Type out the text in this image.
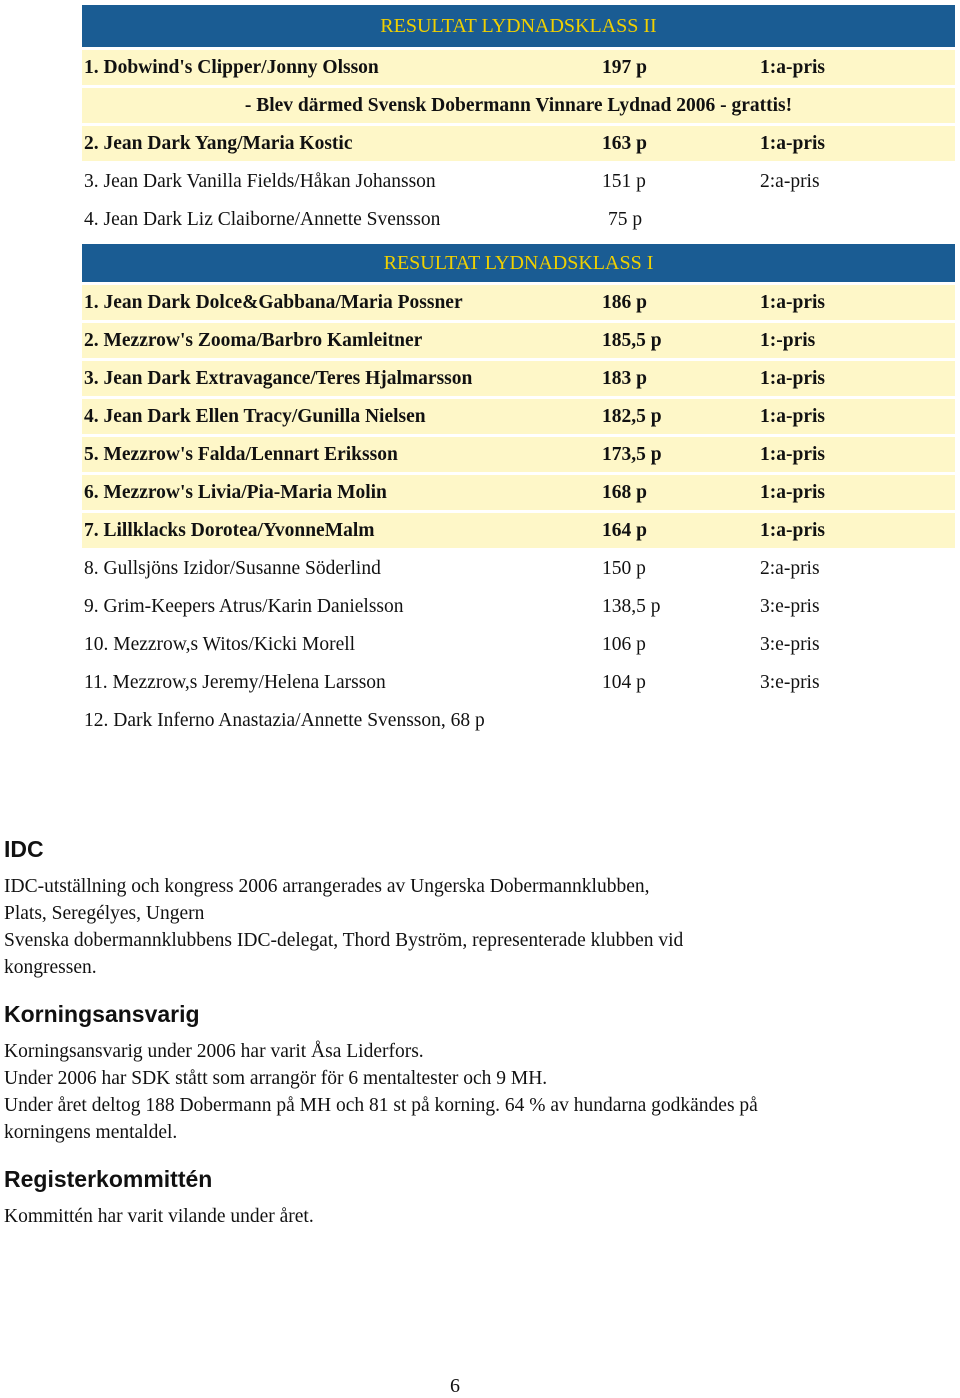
RESULTAT LYDNADSKLASS II
1. Dobwind's Clipper/Jonny Olsson	197 p	1:a-pris
- Blev därmed Svensk Dobermann Vinnare Lydnad 2006 - grattis!
2. Jean Dark Yang/Maria Kostic	163 p	1:a-pris
3. Jean Dark Vanilla Fields/Håkan Johansson	151 p	2:a-pris
4. Jean Dark Liz Claiborne/Annette Svensson	75 p
RESULTAT LYDNADSKLASS I
1. Jean Dark Dolce&Gabbana/Maria Possner	186 p	1:a-pris
2. Mezzrow's Zooma/Barbro Kamleitner	185,5 p	1:-pris
3. Jean Dark Extravagance/Teres Hjalmarsson	183 p	1:a-pris
4. Jean Dark Ellen Tracy/Gunilla Nielsen	182,5 p	1:a-pris
5. Mezzrow's Falda/Lennart Eriksson	173,5 p	1:a-pris
6. Mezzrow's Livia/Pia-Maria Molin	168 p	1:a-pris
7. Lillklacks Dorotea/YvonneMalm	164 p	1:a-pris
8. Gullsjöns Izidor/Susanne Söderlind	150 p	2:a-pris
9. Grim-Keepers Atrus/Karin Danielsson	138,5 p	3:e-pris
10. Mezzrow,s Witos/Kicki Morell	106 p	3:e-pris
11. Mezzrow,s Jeremy/Helena Larsson	104 p	3:e-pris
12. Dark Inferno Anastazia/Annette Svensson, 68 p
IDC

IDC-utställning och kongress 2006 arrangerades av Ungerska Dobermannklubben,

Plats, Seregélyes, Ungern

Svenska dobermannklubbens IDC-delegat, Thord Byström, representerade klubben vid

kongressen.

Korningsansvarig

Korningsansvarig under 2006 har varit Åsa Liderfors.

Under 2006 har SDK stått som arrangör för 6 mentaltester och 9 MH.

Under året deltog 188 Dobermann på MH och 81 st på korning. 64 % av hundarna godkändes på

korningens mentaldel.

Registerkommittén

Kommittén har varit vilande under året.

6
